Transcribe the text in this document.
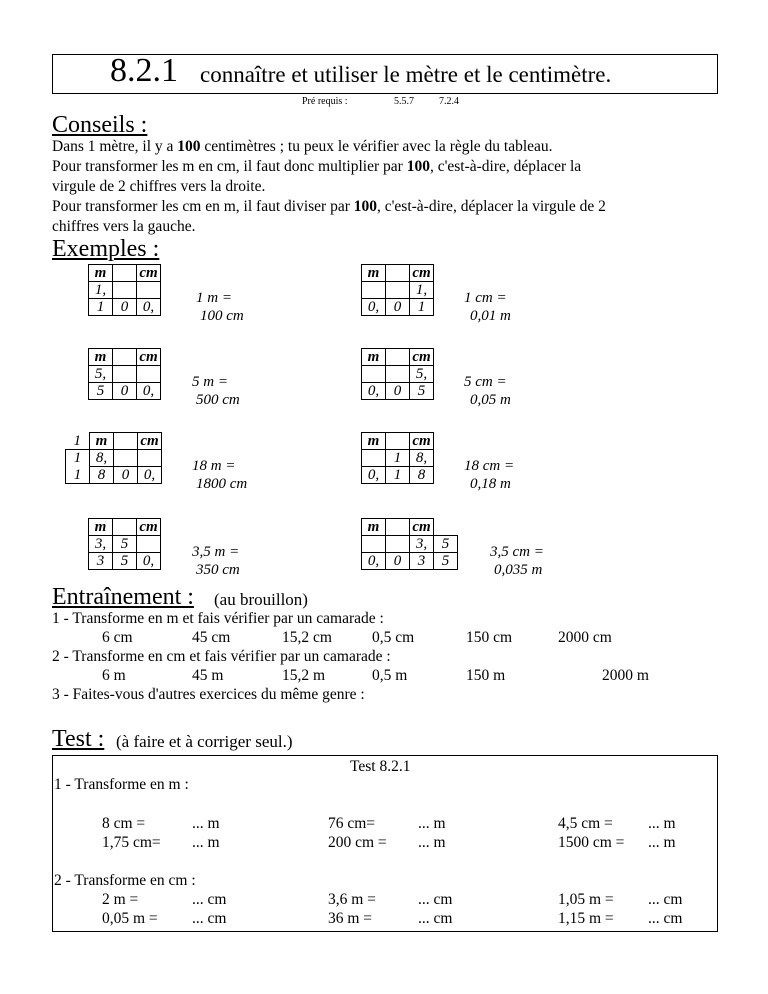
8.2.1 connaître et utiliser le mètre et le centimètre.
Pré requis :	5.5.7	7.2.4
Conseils :
Dans 1 mètre, il y a 100 centimètres ; tu peux le vérifier avec la règle du tableau.
Pour transformer les m en cm, il faut donc multiplier par 100, c'est-à-dire, déplacer la
virgule de 2 chiffres vers la droite.
Pour transformer les cm en m, il faut diviser par 100, c'est-à-dire, déplacer la virgule de 2
chiffres vers la gauche.
Exemples :
	m		cm
	1,		
	1	0	0,
1 m =
100 cm
	m		cm
	5,		
	5	0	0,
5 m =
500 cm
1	m		cm
1	8,		
1	8	0	0,
18 m =
1800 cm
	m		cm
	3,	5	
	3	5	0,
3,5 m =
350 cm
m		cm
		1,
0,	0	1
1 cm =
0,01 m
m		cm
		5,
0,	0	5
5 cm =
0,05 m
m		cm
	1	8,
0,	1	8
18 cm =
0,18 m
m		cm	
		3,	5
0,	0	3	5
3,5 cm =
0,035 m
Entraînement : (au brouillon)
1 - Transforme en m et fais vérifier par un camarade :
6 cm	45 cm	15,2 cm	0,5 cm	150 cm	2000 cm
2 - Transforme en cm et fais vérifier par un camarade :
6 m	45 m	15,2 m	0,5 m	150 m	2000 m
3 - Faites-vous d'autres exercices du même genre :
Test : (à faire et à corriger seul.)
Test 8.2.1
1 - Transforme en m :
8 cm =	... m	76 cm=	... m	4,5 cm = ... m
1,75 cm= ... m	200 cm = ... m	1500 cm = ... m
2 - Transforme en cm :
2 m =	... cm	3,6 m =	... cm	1,05 m = ... cm
0,05 m = ... cm	36 m =	... cm	1,15 m = ... cm
